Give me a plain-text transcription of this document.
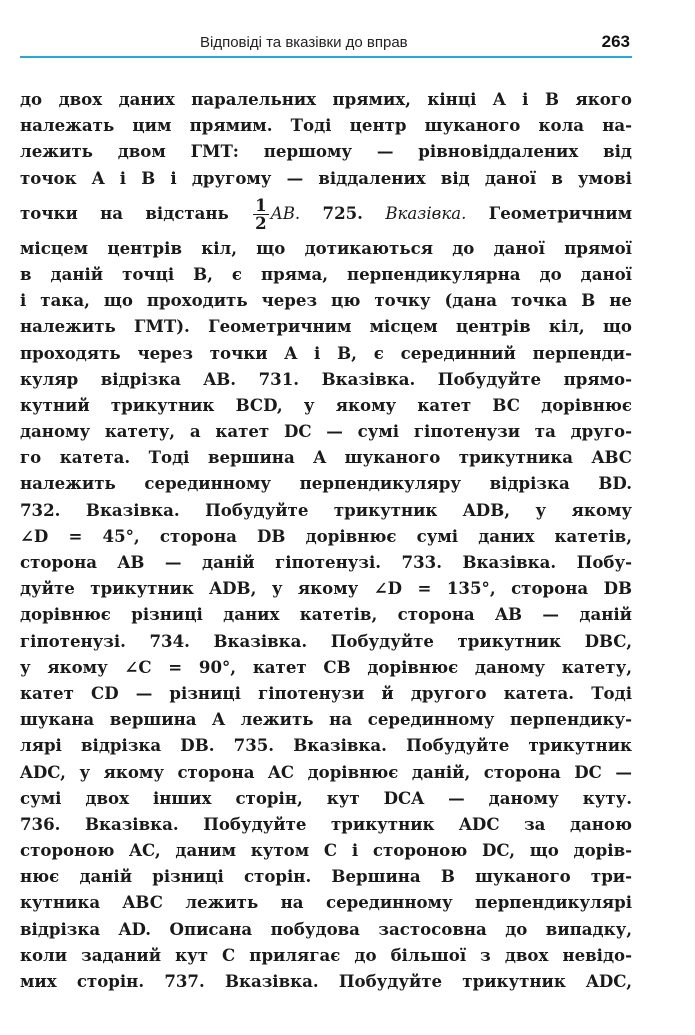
Відповіді та вказівки до вправ	263
до двох даних паралельних прямих, кінці A і B якого
належать цим прямим. Тоді центр шуканого кола на-
лежить двом ГМТ: першому — рівновіддалених від
точок A і B і другому — віддалених від даної в умові
точки на відстань $\frac{1}{2}$ AB. 725. Вказівка. Геометричним
місцем центрів кіл, що дотикаються до даної прямої
в даній точці B, є пряма, перпендикулярна до даної
і така, що проходить через цю точку (дана точка B не
належить ГМТ). Геометричним місцем центрів кіл, що
проходять через точки A і B, є серединний перпенди-
куляр відрізка AB. 731. Вказівка. Побудуйте прямо-
кутний трикутник BCD, у якому катет BC дорівнює
даному катету, а катет DC — сумі гіпотенузи та друго-
го катета. Тоді вершина A шуканого трикутника ABC
належить серединному перпендикуляру відрізка BD.
732. Вказівка. Побудуйте трикутник ADB, у якому
∠D = 45°, сторона DB дорівнює сумі даних катетів,
сторона AB — даній гіпотенузі. 733. Вказівка. Побу-
дуйте трикутник ADB, у якому ∠D = 135°, сторона DB
дорівнює різниці даних катетів, сторона AB — даній
гіпотенузі. 734. Вказівка. Побудуйте трикутник DBC,
у якому ∠C = 90°, катет CB дорівнює даному катету,
катет CD — різниці гіпотенузи й другого катета. Тоді
шукана вершина A лежить на серединному перпендику-
лярі відрізка DB. 735. Вказівка. Побудуйте трикутник
ADC, у якому сторона AC дорівнює даній, сторона DC —
сумі двох інших сторін, кут DCA — даному куту.
736. Вказівка. Побудуйте трикутник ADC за даною
стороною AC, даним кутом C і стороною DC, що дорів-
нює даній різниці сторін. Вершина B шуканого три-
кутника ABC лежить на серединному перпендикулярі
відрізка AD. Описана побудова застосовна до випадку,
коли заданий кут C прилягає до більшої з двох невідо-
мих сторін. 737. Вказівка. Побудуйте трикутник ADC,
